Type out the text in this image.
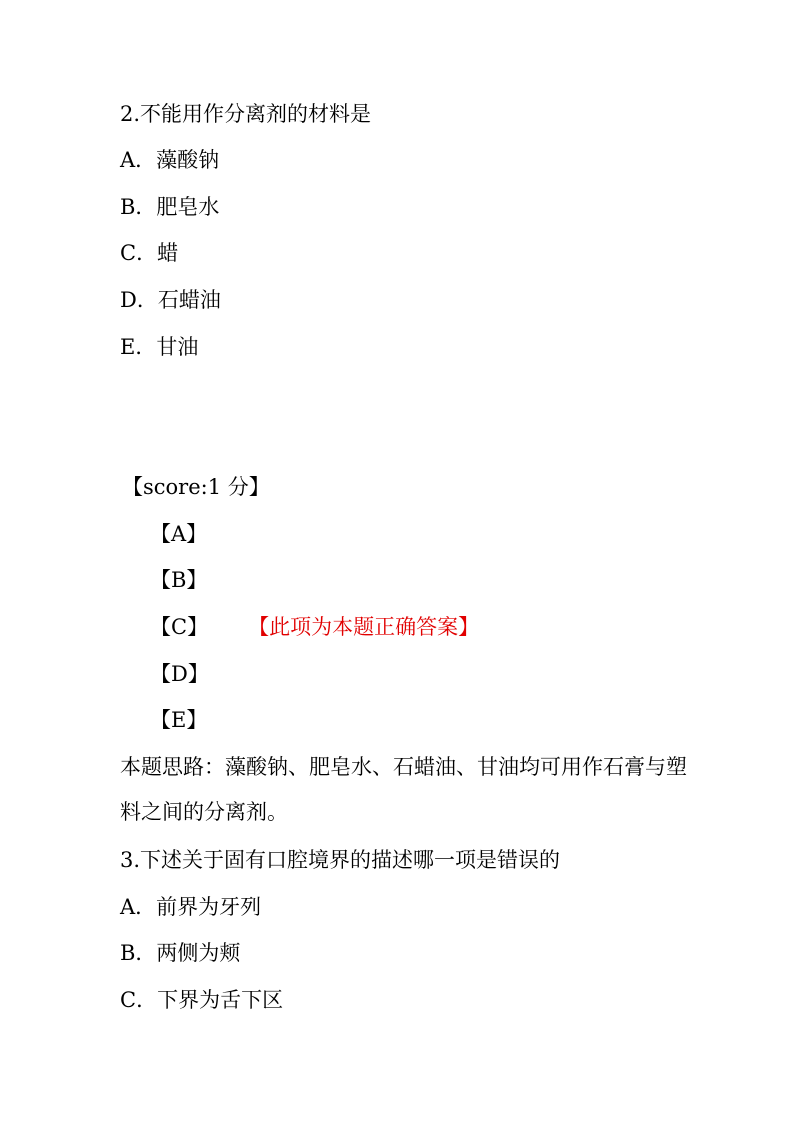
2.不能用作分离剂的材料是
A．藻酸钠
B．肥皂水
C．蜡
D．石蜡油
E．甘油
【score:1 分】
【A】
【B】
【C】 【此项为本题正确答案】
【D】
【E】
本题思路：藻酸钠、肥皂水、石蜡油、甘油均可用作石膏与塑料之间的分离剂。
3.下述关于固有口腔境界的描述哪一项是错误的
A．前界为牙列
B．两侧为颊
C．下界为舌下区
